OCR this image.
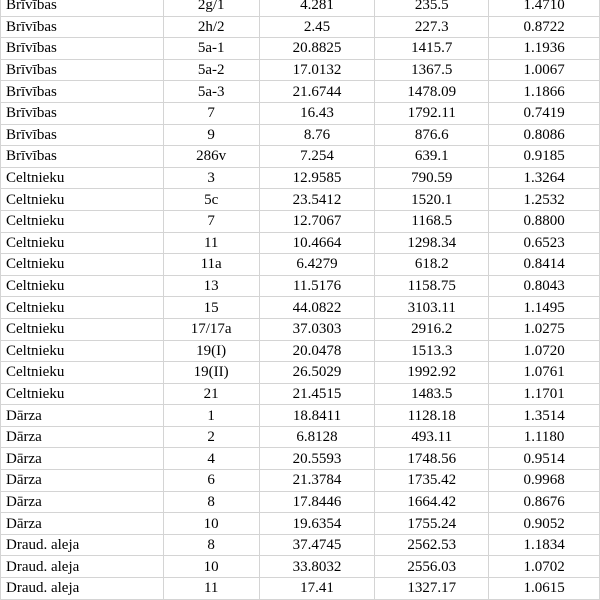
Brīvības	2g/1	4.281	235.5	1.4710
Brīvības	2h/2	2.45	227.3	0.8722
Brīvības	5a-1	20.8825	1415.7	1.1936
Brīvības	5a-2	17.0132	1367.5	1.0067
Brīvības	5a-3	21.6744	1478.09	1.1866
Brīvības	7	16.43	1792.11	0.7419
Brīvības	9	8.76	876.6	0.8086
Brīvības	286v	7.254	639.1	0.9185
Celtnieku	3	12.9585	790.59	1.3264
Celtnieku	5c	23.5412	1520.1	1.2532
Celtnieku	7	12.7067	1168.5	0.8800
Celtnieku	11	10.4664	1298.34	0.6523
Celtnieku	11a	6.4279	618.2	0.8414
Celtnieku	13	11.5176	1158.75	0.8043
Celtnieku	15	44.0822	3103.11	1.1495
Celtnieku	17/17a	37.0303	2916.2	1.0275
Celtnieku	19(I)	20.0478	1513.3	1.0720
Celtnieku	19(II)	26.5029	1992.92	1.0761
Celtnieku	21	21.4515	1483.5	1.1701
Dārza	1	18.8411	1128.18	1.3514
Dārza	2	6.8128	493.11	1.1180
Dārza	4	20.5593	1748.56	0.9514
Dārza	6	21.3784	1735.42	0.9968
Dārza	8	17.8446	1664.42	0.8676
Dārza	10	19.6354	1755.24	0.9052
Draud. aleja	8	37.4745	2562.53	1.1834
Draud. aleja	10	33.8032	2556.03	1.0702
Draud. aleja	11	17.41	1327.17	1.0615
